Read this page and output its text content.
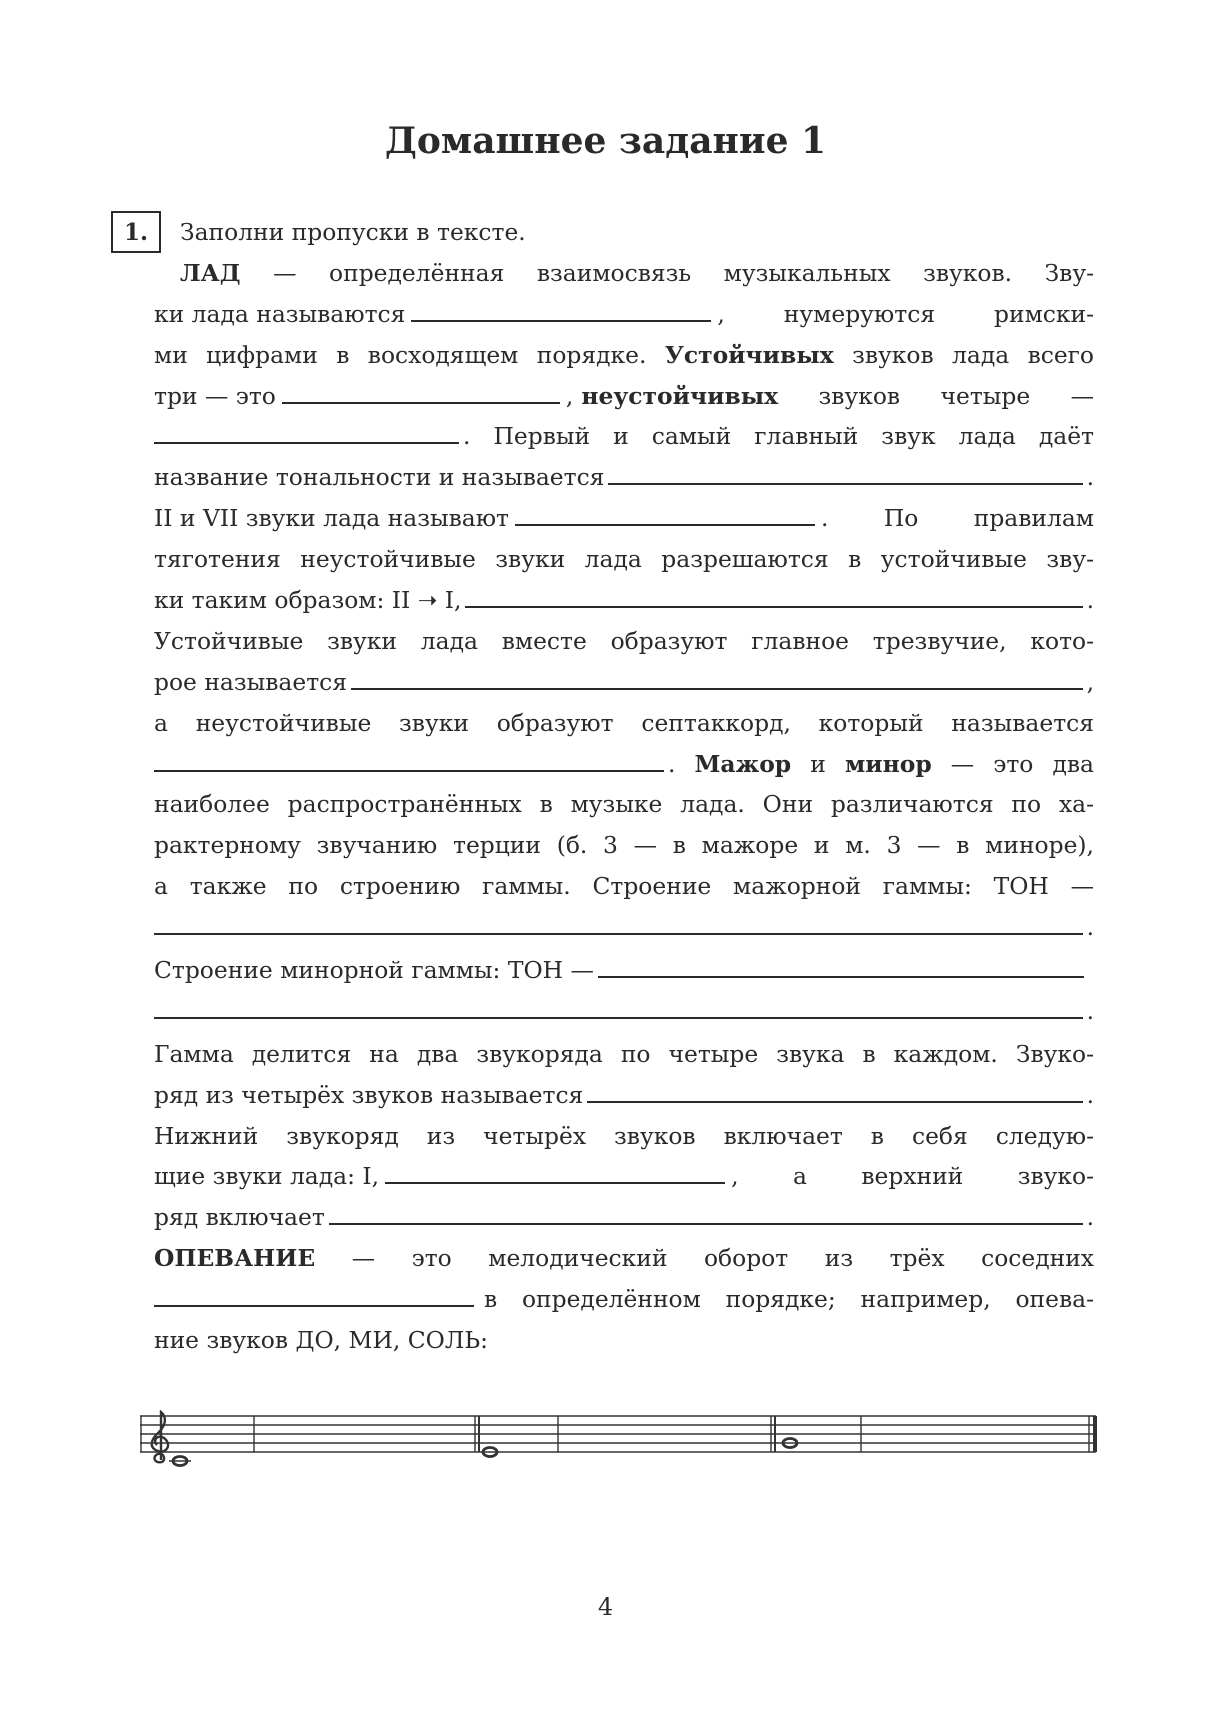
Домашнее задание 1
1.	Заполни пропуски в тексте.
ЛАД — определённая взаимосвязь музыкальных звуков. Зву-
ки лада называются	, нумеруются римски-
ми цифрами в восходящем порядке. Устойчивых звуков лада всего
три — это	, неустойчивых звуков четыре —
. Первый и самый главный звук лада даёт
название тональности и называется	.
II и VII звуки лада называют	. По правилам
тяготения неустойчивые звуки лада разрешаются в устойчивые зву-
ки таким образом: II ➝ I,	.
Устойчивые звуки лада вместе образуют главное трезвучие, кото-
рое называется	,
а неустойчивые звуки образуют септаккорд, который называется
. Мажор и минор — это два
наиболее распространённых в музыке лада. Они различаются по ха-
рактерному звучанию терции (б. 3 — в мажоре и м. 3 — в миноре),
а также по строению гаммы. Строение мажорной гаммы: ТОН —
.
Строение минорной гаммы: ТОН —
.
Гамма делится на два звукоряда по четыре звука в каждом. Звуко-
ряд из четырёх звуков называется	.
Нижний звукоряд из четырёх звуков включает в себя следую-
щие звуки лада: I,	, а верхний звуко-
ряд включает	.
ОПЕВАНИЕ — это мелодический оборот из трёх соседних
в определённом порядке; например, опева-
ние звуков ДО, МИ, СОЛЬ:
4
